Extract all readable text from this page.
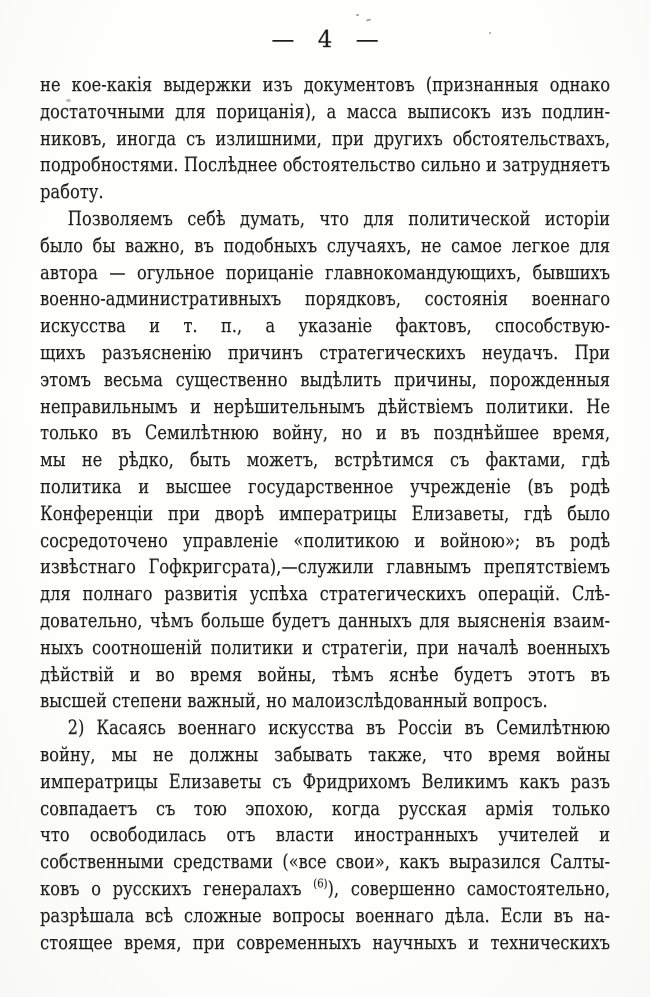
— 4 —
не кое-какія выдержки изъ документовъ (признанныя однако
достаточными для порицанія), а масса выписокъ изъ подлин-
никовъ, иногда съ излишними, при другихъ обстоятельствахъ,
подробностями. Послѣднее обстоятельство сильно и затрудняетъ
работу.
Позволяемъ себѣ думать, что для политической исторіи
было бы важно, въ подобныхъ случаяхъ, не самое легкое для
автора — огульное порицаніе главнокомандующихъ, бывшихъ
военно-административныхъ порядковъ, состоянія военнаго
искусства и т. п., а указаніе фактовъ, способствую-
щихъ разъясненію причинъ стратегическихъ неудачъ. При
этомъ весьма существенно выдѣлить причины, порожденныя
неправильнымъ и нерѣшительнымъ дѣйствіемъ политики. Не
только въ Семилѣтнюю войну, но и въ позднѣйшее время,
мы не рѣдко, быть можетъ, встрѣтимся съ фактами, гдѣ
политика и высшее государственное учрежденіе (въ родѣ
Конференціи при дворѣ императрицы Елизаветы, гдѣ было
сосредоточено управленіе «политикою и войною»; въ родѣ
извѣстнаго Гофкригсрата),—служили главнымъ препятствіемъ
для полнаго развитія успѣха стратегическихъ операцій. Слѣ-
довательно, чѣмъ больше будетъ данныхъ для выясненія взаим-
ныхъ соотношеній политики и стратегіи, при началѣ военныхъ
дѣйствій и во время войны, тѣмъ яснѣе будетъ этотъ въ
высшей степени важный, но малоизслѣдованный вопросъ.
2) Касаясь военнаго искусства въ Россіи въ Семилѣтнюю
войну, мы не должны забывать также, что время войны
императрицы Елизаветы съ Фридрихомъ Великимъ какъ разъ
совпадаетъ съ тою эпохою, когда русская армія только
что освободилась отъ власти иностранныхъ учителей и
собственными средствами («все свои», какъ выразился Салты-
ковъ о русскихъ генералахъ $^{(6)}$), совершенно самостоятельно,
разрѣшала всѣ сложные вопросы военнаго дѣла. Если въ на-
стоящее время, при современныхъ научныхъ и техническихъ
